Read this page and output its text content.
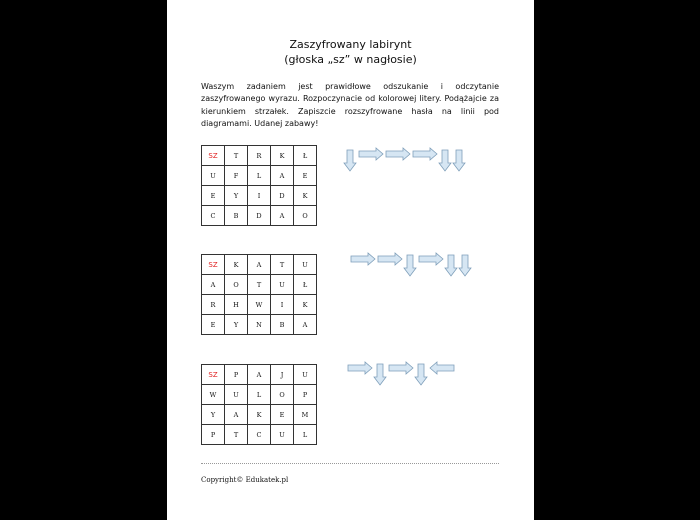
Zaszyfrowany labirynt
(głoska „sz” w nagłosie)
Waszym zadaniem jest prawidłowe odszukanie i odczytanie zaszyfrowanego wyrazu. Rozpoczynacie od kolorowej litery. Podążajcie za kierunkiem strzałek. Zapiszcie rozszyfrowane hasła na linii pod diagramami. Udanej zabawy!
SZ	T	R	K	Ł
U	F	L	A	E
E	Y	I	D	K
C	B	D	A	O
SZ	K	A	T	U
A	O	T	U	Ł
R	H	W	I	K
E	Y	N	B	A
SZ	P	A	J	U
W	U	L	O	P
Y	A	K	E	M
P	T	C	U	L
Copyright© Edukatek.pl
